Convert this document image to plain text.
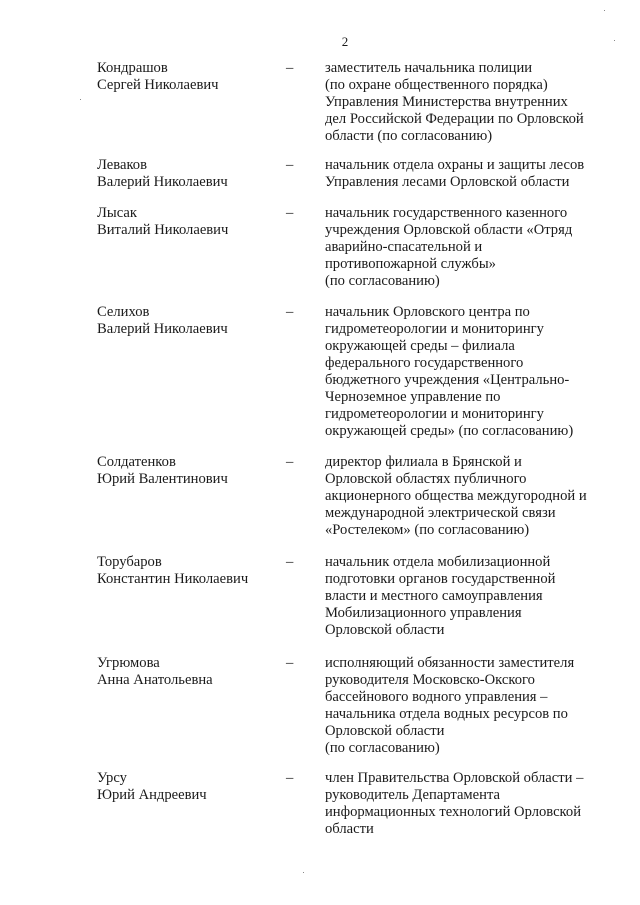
2
Кондрашов
Сергей Николаевич
– заместитель начальника полиции
(по охране общественного порядка)
Управления Министерства внутренних
дел Российской Федерации по Орловской
области (по согласованию)
Леваков
Валерий Николаевич
– начальник отдела охраны и защиты лесов
Управления лесами Орловской области
Лысак
Виталий Николаевич
– начальник государственного казенного
учреждения Орловской области «Отряд
аварийно-спасательной и
противопожарной службы»
(по согласованию)
Селихов
Валерий Николаевич
– начальник Орловского центра по
гидрометеорологии и мониторингу
окружающей среды – филиала
федерального государственного
бюджетного учреждения «Центрально-
Черноземное управление по
гидрометеорологии и мониторингу
окружающей среды» (по согласованию)
Солдатенков
Юрий Валентинович
– директор филиала в Брянской и
Орловской областях публичного
акционерного общества междугородной и
международной электрической связи
«Ростелеком» (по согласованию)
Торубаров
Константин Николаевич
– начальник отдела мобилизационной
подготовки органов государственной
власти и местного самоуправления
Мобилизационного управления
Орловской области
Угрюмова
Анна Анатольевна
– исполняющий обязанности заместителя
руководителя Московско-Окского
бассейнового водного управления –
начальника отдела водных ресурсов по
Орловской области
(по согласованию)
Урсу
Юрий Андреевич
– член Правительства Орловской области –
руководитель Департамента
информационных технологий Орловской
области
